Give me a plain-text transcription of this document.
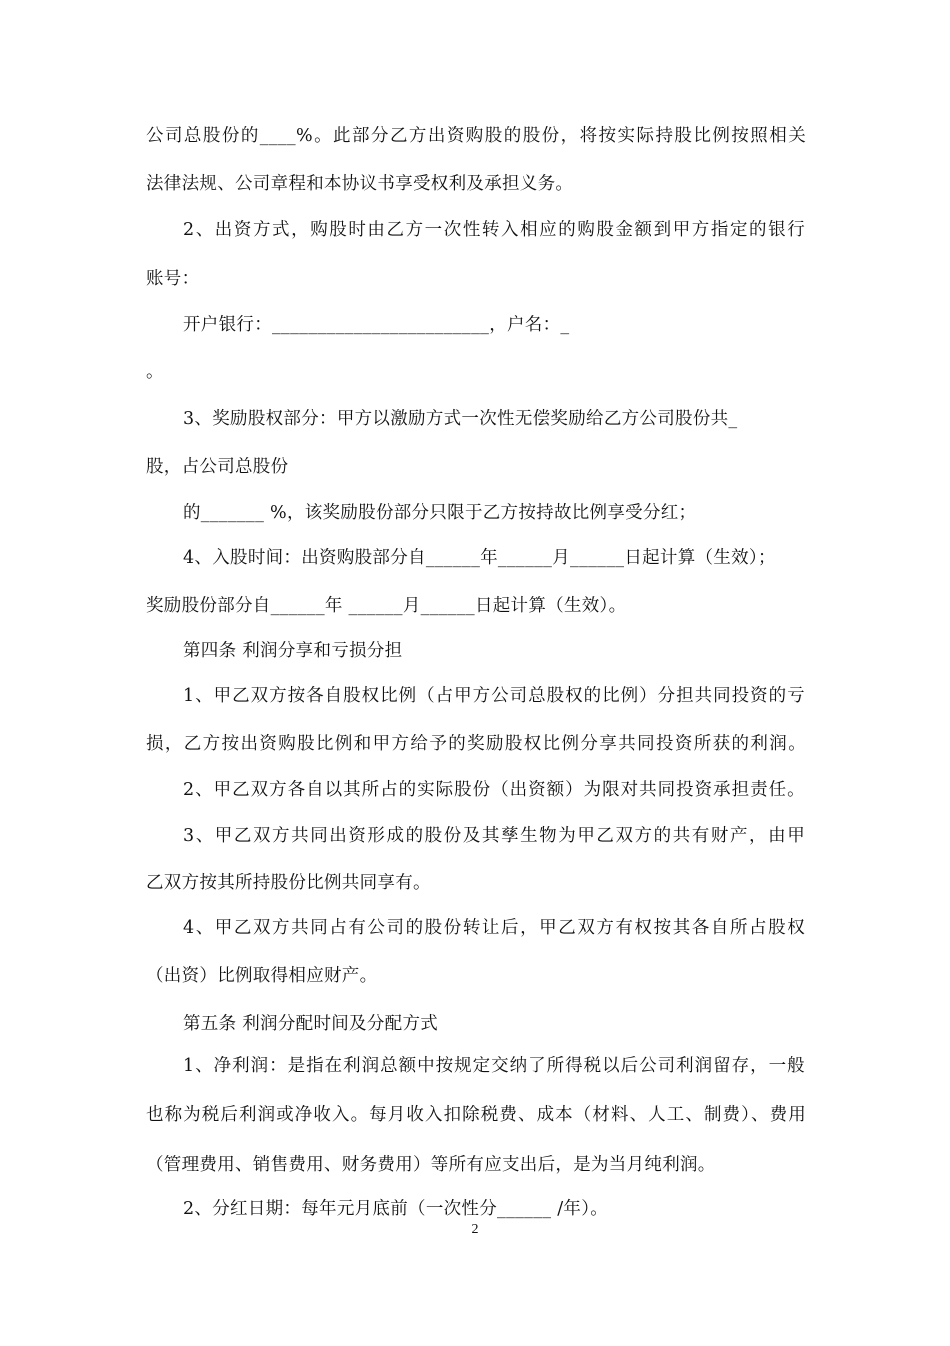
公司总股份的____%。此部分乙方出资购股的股份，将按实际持股比例按照相关
法律法规、公司章程和本协议书享受权利及承担义务。
2、出资方式，购股时由乙方一次性转入相应的购股金额到甲方指定的银行
账号：
开户银行：________________________，户名：_
。
3、奖励股权部分：甲方以激励方式一次性无偿奖励给乙方公司股份共_
股，占公司总股份
的_______ %，该奖励股份部分只限于乙方按持故比例享受分红；
4、入股时间：出资购股部分自______年______月______日起计算（生效）；
奖励股份部分自______年 ______月______日起计算（生效）。
第四条 利润分享和亏损分担
1、甲乙双方按各自股权比例（占甲方公司总股权的比例）分担共同投资的亏
损，乙方按出资购股比例和甲方给予的奖励股权比例分享共同投资所获的利润。
2、甲乙双方各自以其所占的实际股份（出资额）为限对共同投资承担责任。
3、甲乙双方共同出资形成的股份及其孳生物为甲乙双方的共有财产，由甲
乙双方按其所持股份比例共同享有。
4、甲乙双方共同占有公司的股份转让后，甲乙双方有权按其各自所占股权
（出资）比例取得相应财产。
第五条 利润分配时间及分配方式
1、净利润：是指在利润总额中按规定交纳了所得税以后公司利润留存，一般
也称为税后利润或净收入。每月收入扣除税费、成本（材料、人工、制费）、费用
（管理费用、销售费用、财务费用）等所有应支出后，是为当月纯利润。
2、分红日期：每年元月底前（一次性分______ /年）。
2
